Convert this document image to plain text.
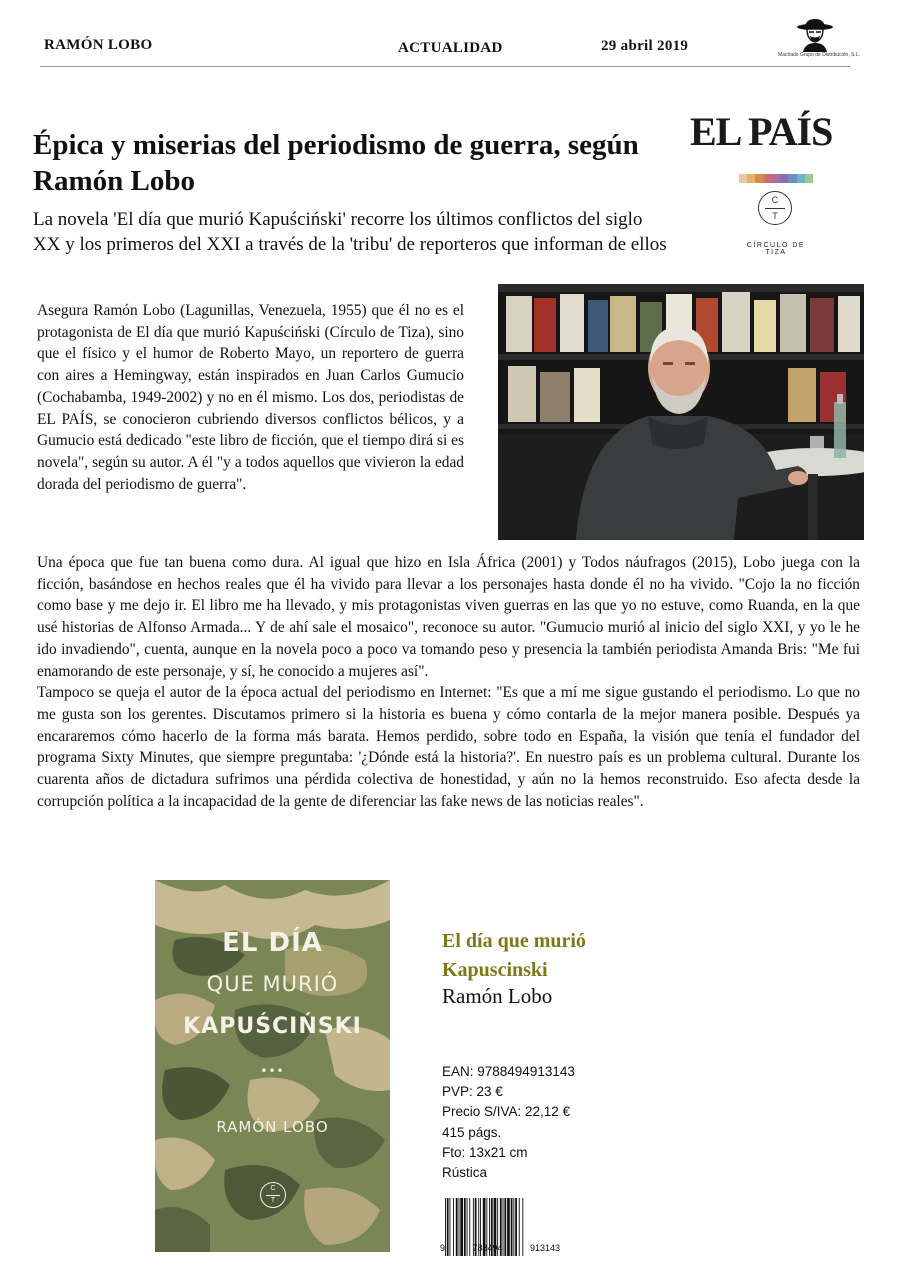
RAMÓN LOBO	ACTUALIDAD	29 abril 2019
Machado Grupo de Distribución, S.L.
EL PAÍS
C
T
CÍRCULO DE TIZA
Épica y miserias del periodismo de guerra, según Ramón Lobo
La novela 'El día que murió Kapuściński' recorre los últimos conflictos del siglo XX y los primeros del XXI a través de la 'tribu' de reporteros que informan de ellos
Asegura Ramón Lobo (Lagunillas, Venezuela, 1955) que él no es el protagonista de El día que murió Kapuściński (Círculo de Tiza), sino que el físico y el humor de Roberto Mayo, un reportero de guerra con aires a Hemingway, están inspirados en Juan Carlos Gumucio (Cochabamba, 1949-2002) y no en él mismo. Los dos, periodistas de EL PAÍS, se conocieron cubriendo diversos conflictos bélicos, y a Gumucio está dedicado "este libro de ficción, que el tiempo dirá si es novela", según su autor. A él "y a todos aquellos que vivieron la edad dorada del periodismo de guerra".

Una época que fue tan buena como dura. Al igual que hizo en Isla África (2001) y Todos náufragos (2015), Lobo juega con la ficción, basándose en hechos reales que él ha vivido para llevar a los personajes hasta donde él no ha vivido. "Cojo la no ficción como base y me dejo ir. El libro me ha llevado, y mis protagonistas viven guerras en las que yo no estuve, como Ruanda, en la que usé historias de Alfonso Armada... Y de ahí sale el mosaico", reconoce su autor. "Gumucio murió al inicio del siglo XXI, y yo le he ido invadiendo", cuenta, aunque en la novela poco a poco va tomando peso y presencia la también periodista Amanda Bris: "Me fui enamorando de este personaje, y sí, he conocido a mujeres así".

Tampoco se queja el autor de la época actual del periodismo en Internet: "Es que a mí me sigue gustando el periodismo. Lo que no me gusta son los gerentes. Discutamos primero si la historia es buena y cómo contarla de la mejor manera posible. Después ya encararemos cómo hacerlo de la forma más barata. Hemos perdido, sobre todo en España, la visión que tenía el fundador del programa Sixty Minutes, que siempre preguntaba: '¿Dónde está la historia?'. En nuestro país es un problema cultural. Durante los cuarenta años de dictadura sufrimos una pérdida colectiva de honestidad, y aún no la hemos reconstruido. Eso afecta desde la corrupción política a la incapacidad de la gente de diferenciar las fake news de las noticias reales".

EL DÍA
QUE MURIÓ
KAPUŚCIŃSKI
•••
RAMÓN LOBO
C
T
El día que murió
Kapuscinski
Ramón Lobo
EAN: 9788494913143
PVP: 23 €
Precio S/IVA: 22,12 €
415 págs.
Fto: 13x21 cm
Rústica
9	788494	913143
